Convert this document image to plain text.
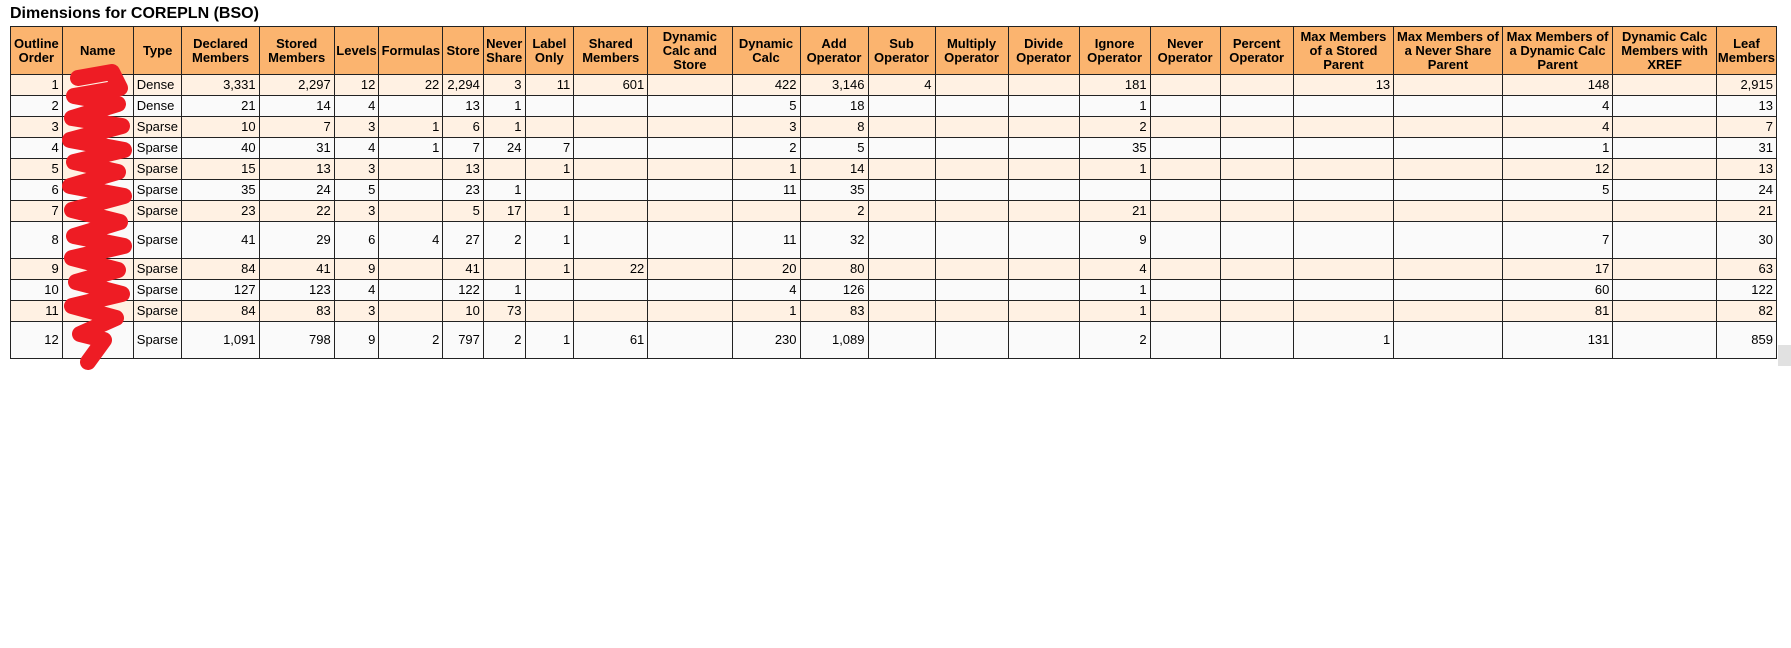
Dimensions for COREPLN (BSO)
Outline Order	Name	Type	Declared Members	Stored Members	Levels	Formulas	Store	Never Share	Label Only	Shared Members	Dynamic Calc and Store	Dynamic Calc	Add Operator	Sub Operator	Multiply Operator	Divide Operator	Ignore Operator	Never Operator	Percent Operator	Max Members of a Stored Parent	Max Members of a Never Share Parent	Max Members of a Dynamic Calc Parent	Dynamic Calc Members with XREF	Leaf Members
1		Dense	3,331	2,297	12	22	2,294	3	11	601		422	3,146	4			181			13		148		2,915
2		Dense	21	14	4		13	1				5	18				1					4		13
3		Sparse	10	7	3	1	6	1				3	8				2					4		7
4		Sparse	40	31	4	1	7	24	7			2	5				35					1		31
5		Sparse	15	13	3		13		1			1	14				1					12		13
6		Sparse	35	24	5		23	1				11	35									5		24
7		Sparse	23	22	3		5	17	1				2				21							21
8		Sparse	41	29	6	4	27	2	1			11	32				9					7		30
9		Sparse	84	41	9		41		1	22		20	80				4					17		63
10		Sparse	127	123	4		122	1				4	126				1					60		122
11		Sparse	84	83	3		10	73				1	83				1					81		82
12		Sparse	1,091	798	9	2	797	2	1	61		230	1,089				2			1		131		859
